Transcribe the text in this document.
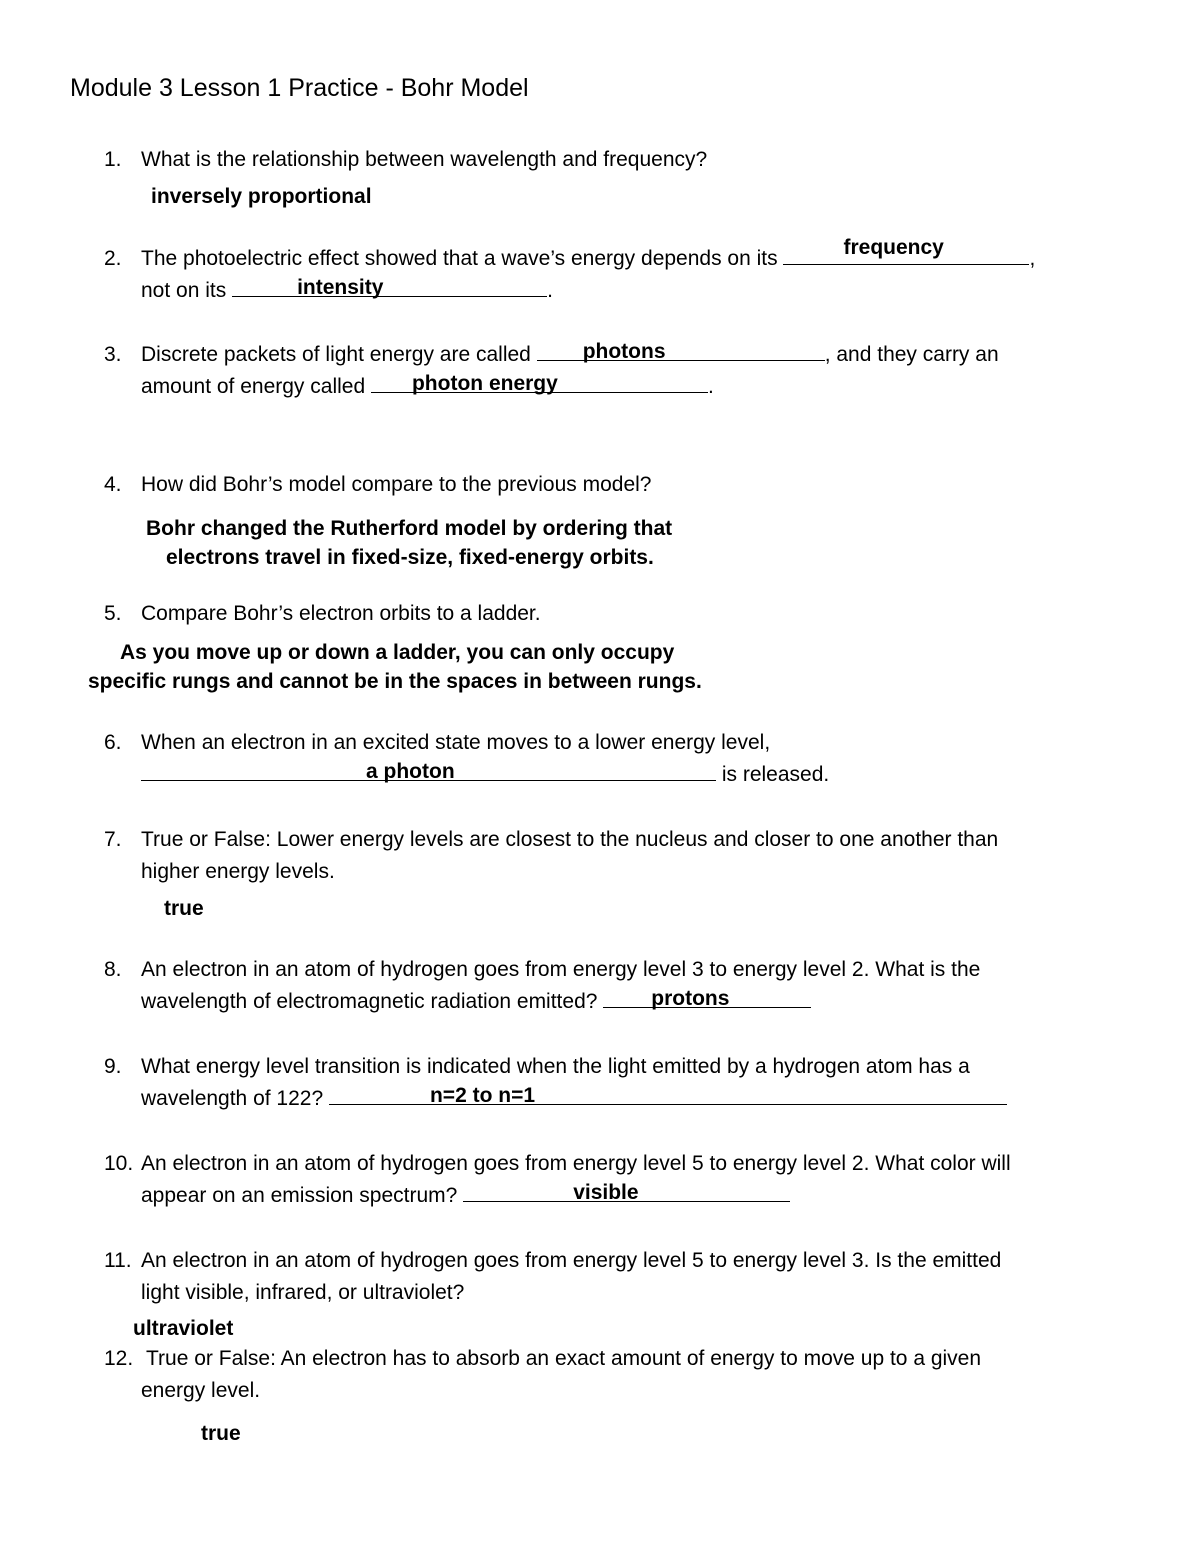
Module 3 Lesson 1 Practice - Bohr Model
1. What is the relationship between wavelength and frequency?
inversely proportional
2. The photoelectric effect showed that a wave’s energy depends on its	frequency	,
not on its	intensity	.
3. Discrete packets of light energy are called photons	, and they carry an
amount of energy called photon energy	.
4. How did Bohr’s model compare to the previous model?
Bohr changed the Rutherford model by ordering that
electrons travel in fixed-size, fixed-energy orbits.
5. Compare Bohr’s electron orbits to a ladder.
As you move up or down a ladder, you can only occupy
specific rungs and cannot be in the spaces in between rungs.
6. When an electron in an excited state moves to a lower energy level,
a photon	is released.
7. True or False: Lower energy levels are closest to the nucleus and closer to one another than
higher energy levels.
true
8. An electron in an atom of hydrogen goes from energy level 3 to energy level 2. What is the
wavelength of electromagnetic radiation emitted? protons
9. What energy level transition is indicated when the light emitted by a hydrogen atom has a
wavelength of 122?	n=2 to n=1
10. An electron in an atom of hydrogen goes from energy level 5 to energy level 2. What color will
appear on an emission spectrum?	visible
11. An electron in an atom of hydrogen goes from energy level 5 to energy level 3. Is the emitted
light visible, infrared, or ultraviolet?
ultraviolet
12. True or False: An electron has to absorb an exact amount of energy to move up to a given
energy level.
true
